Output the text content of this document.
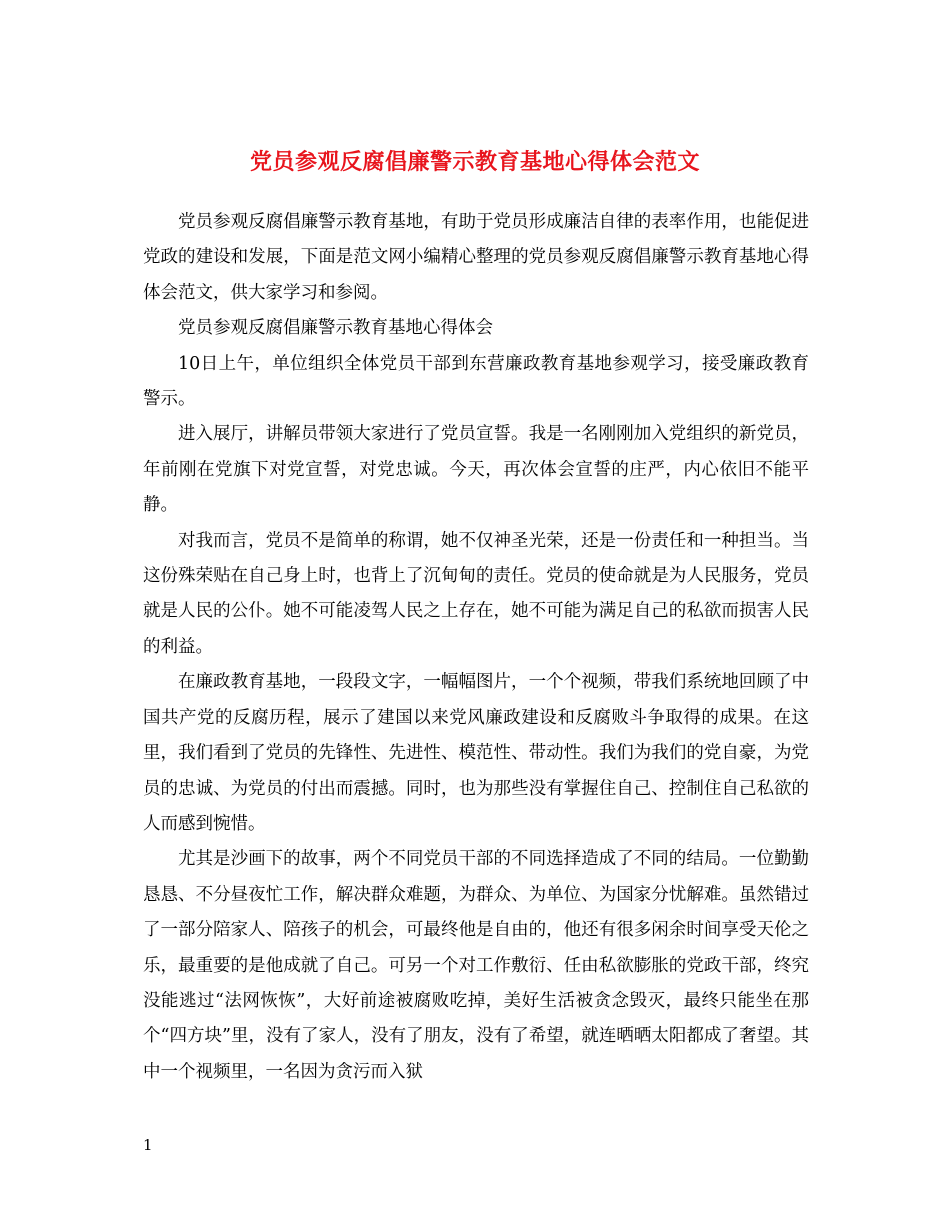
党员参观反腐倡廉警示教育基地心得体会范文

党员参观反腐倡廉警示教育基地，有助于党员形成廉洁自律的表率作用，也能促进党政的建设和发展，下面是范文网小编精心整理的党员参观反腐倡廉警示教育基地心得体会范文，供大家学习和参阅。

党员参观反腐倡廉警示教育基地心得体会

10日上午，单位组织全体党员干部到东营廉政教育基地参观学习，接受廉政教育警示。

进入展厅，讲解员带领大家进行了党员宣誓。我是一名刚刚加入党组织的新党员，年前刚在党旗下对党宣誓，对党忠诚。今天，再次体会宣誓的庄严，内心依旧不能平静。

对我而言，党员不是简单的称谓，她不仅神圣光荣，还是一份责任和一种担当。当这份殊荣贴在自己身上时，也背上了沉甸甸的责任。党员的使命就是为人民服务，党员就是人民的公仆。她不可能凌驾人民之上存在，她不可能为满足自己的私欲而损害人民的利益。

在廉政教育基地，一段段文字，一幅幅图片，一个个视频，带我们系统地回顾了中国共产党的反腐历程，展示了建国以来党风廉政建设和反腐败斗争取得的成果。在这里，我们看到了党员的先锋性、先进性、模范性、带动性。我们为我们的党自豪，为党员的忠诚、为党员的付出而震撼。同时，也为那些没有掌握住自己、控制住自己私欲的人而感到惋惜。

尤其是沙画下的故事，两个不同党员干部的不同选择造成了不同的结局。一位勤勤恳恳、不分昼夜忙工作，解决群众难题，为群众、为单位、为国家分忧解难。虽然错过了一部分陪家人、陪孩子的机会，可最终他是自由的，他还有很多闲余时间享受天伦之乐，最重要的是他成就了自己。可另一个对工作敷衍、任由私欲膨胀的党政干部，终究没能逃过“法网恢恢”，大好前途被腐败吃掉，美好生活被贪念毁灭，最终只能坐在那个“四方块”里，没有了家人，没有了朋友，没有了希望，就连晒晒太阳都成了奢望。其中一个视频里，一名因为贪污而入狱

1
